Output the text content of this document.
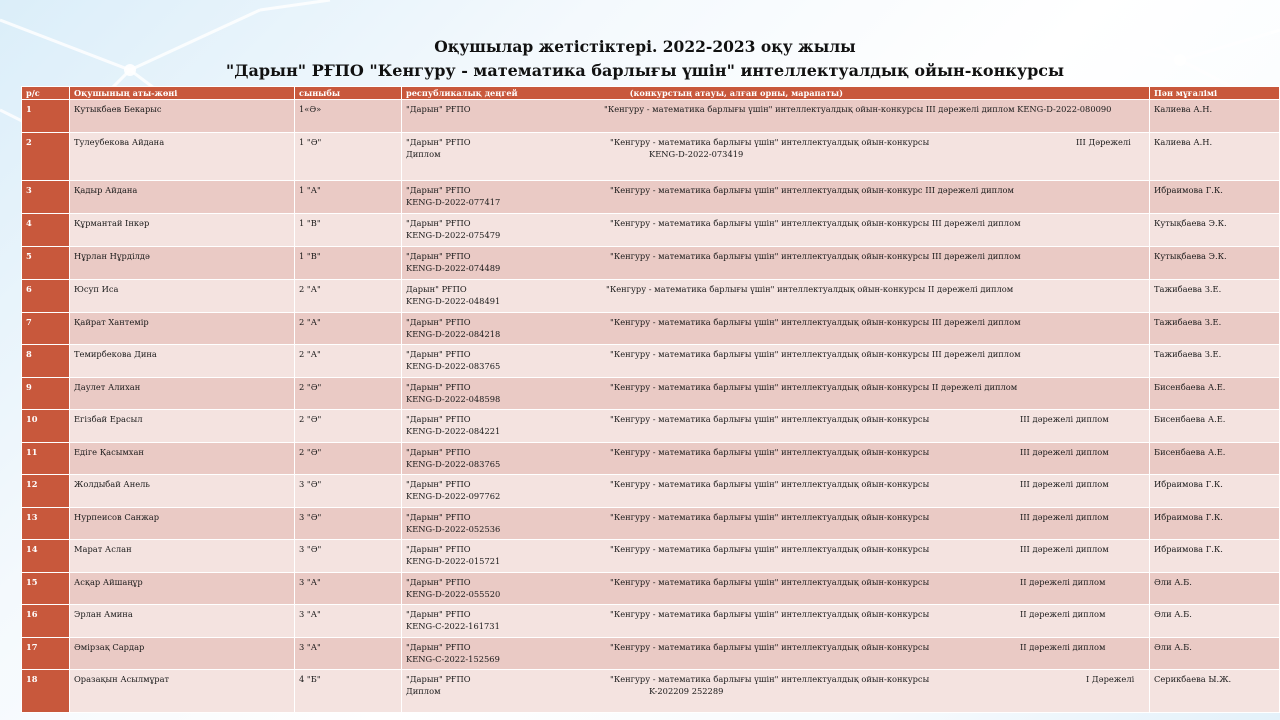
Оқушылар жетістіктері. 2022-2023 оқу жылы
"Дарын" РҒПО "Кенгуру - математика барлығы үшін" интеллектуалдық ойын-конкурсы
р/с	Оқушының аты-жөні	сыныбы	республикалық деңгей (конкурстың атауы, алған орны, марапаты)	Пән мұғалімі
1	Кутыкбаев Бекарыс	1«Ә»	"Дарын" РҒПО "Кенгуру - математика барлығы үшін" интеллектуалдық ойын-конкурсы III дәрежелі диплом KENG-D-2022-080090	Калиева А.Н.
2	Тулеубекова Айдана	1 "Ә"	"Дарын" РҒПО "Кенгуру - математика барлығы үшін" интеллектуалдық ойын-конкурсы III Дәрежелі
Диплом KENG-D-2022-073419	Калиева А.Н.
3	Қадыр Айдана	1 "А"	"Дарын" РҒПО "Кенгуру - математика барлығы үшін" интеллектуалдық ойын-конкурс III дәрежелі диплом
KENG-D-2022-077417	Ибраимова Г.К.
4	Құрмантай Інкәр	1 "В"	"Дарын" РҒПО "Кенгуру - математика барлығы үшін" интеллектуалдық ойын-конкурсы III дәрежелі диплом
KENG-D-2022-075479	Кутықбаева Э.К.
5	Нұрлан Нұрділдә	1 "В"	"Дарын" РҒПО "Кенгуру - математика барлығы үшін" интеллектуалдық ойын-конкурсы III дәрежелі диплом
KENG-D-2022-074489	Кутықбаева Э.К.
6	Юсуп Иса	2 "А"	Дарын" РҒПО "Кенгуру - математика барлығы үшін" интеллектуалдық ойын-конкурсы II дәрежелі диплом
KENG-D-2022-048491	Тажибаева З.Е.
7	Қайрат Хантемір	2 "А"	"Дарын" РҒПО "Кенгуру - математика барлығы үшін" интеллектуалдық ойын-конкурсы III дәрежелі диплом
KENG-D-2022-084218	Тажибаева З.Е.
8	Темирбекова Дина	2 "А"	"Дарын" РҒПО "Кенгуру - математика барлығы үшін" интеллектуалдық ойын-конкурсы III дәрежелі диплом
KENG-D-2022-083765	Тажибаева З.Е.
9	Даулет Алихан	2 "Ә"	"Дарын" РҒПО "Кенгуру - математика барлығы үшін" интеллектуалдық ойын-конкурсы II дәрежелі диплом
KENG-D-2022-048598	Бисенбаева А.Е.
10	Егізбай Ерасыл	2 "Ә"	"Дарын" РҒПО "Кенгуру - математика барлығы үшін" интеллектуалдық ойын-конкурсы III дәрежелі диплом
KENG-D-2022-084221	Бисенбаева А.Е.
11	Едіге Қасымхан	2 "Ә"	"Дарын" РҒПО "Кенгуру - математика барлығы үшін" интеллектуалдық ойын-конкурсы III дәрежелі диплом
KENG-D-2022-083765	Бисенбаева А.Е.
12	Жолдыбай Анель	3 "Ә"	"Дарын" РҒПО "Кенгуру - математика барлығы үшін" интеллектуалдық ойын-конкурсы III дәрежелі диплом
KENG-D-2022-097762	Ибраимова Г.К.
13	Нурпеисов Санжар	3 "Ә"	"Дарын" РҒПО "Кенгуру - математика барлығы үшін" интеллектуалдық ойын-конкурсы III дәрежелі диплом
KENG-D-2022-052536	Ибраимова Г.К.
14	Марат Аслан	3 "Ә"	"Дарын" РҒПО "Кенгуру - математика барлығы үшін" интеллектуалдық ойын-конкурсы III дәрежелі диплом
KENG-D-2022-015721	Ибраимова Г.К.
15	Асқар Айшаңұр	3 "А"	"Дарын" РҒПО "Кенгуру - математика барлығы үшін" интеллектуалдық ойын-конкурсы II дәрежелі диплом
KENG-D-2022-055520	Әли А.Б.
16	Эрлан Амина	3 "А"	"Дарын" РҒПО "Кенгуру - математика барлығы үшін" интеллектуалдық ойын-конкурсы II дәрежелі диплом
KENG-C-2022-161731	Әли А.Б.
17	Әмірзақ Сардар	3 "А"	"Дарын" РҒПО "Кенгуру - математика барлығы үшін" интеллектуалдық ойын-конкурсы II дәрежелі диплом
KENG-C-2022-152569	Әли А.Б.
18	Оразақын Асылмұрат	4 "Б"	"Дарын" РҒПО "Кенгуру - математика барлығы үшін" интеллектуалдық ойын-конкурсы I Дәрежелі
Диплом K-202209 252289	Серикбаева Ы.Ж.
